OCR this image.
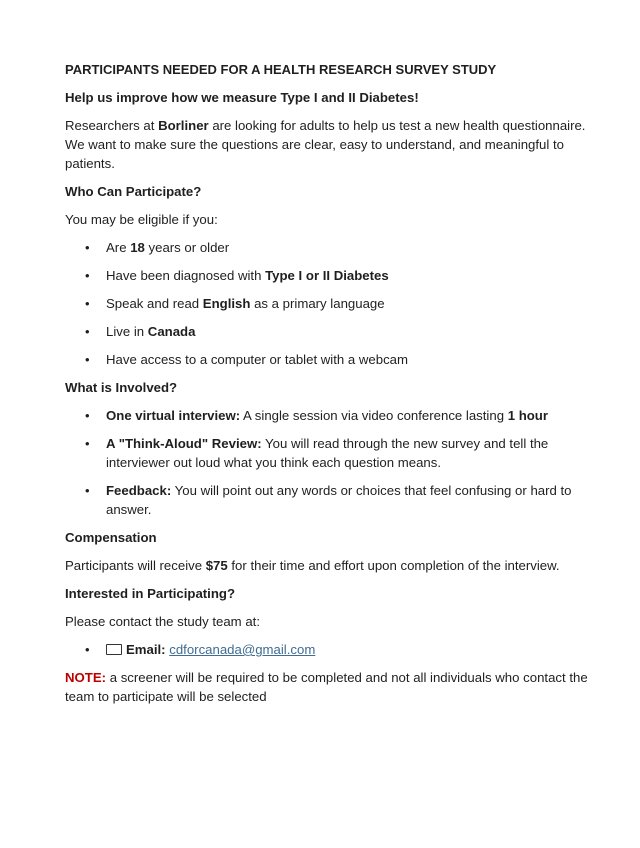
PARTICIPANTS NEEDED FOR A HEALTH RESEARCH SURVEY STUDY
Help us improve how we measure Type I and II Diabetes!
Researchers at Borliner are looking for adults to help us test a new health questionnaire. We want to make sure the questions are clear, easy to understand, and meaningful to patients.
Who Can Participate?
You may be eligible if you:
• Are 18 years or older
• Have been diagnosed with Type I or II Diabetes
• Speak and read English as a primary language
• Live in Canada
• Have access to a computer or tablet with a webcam
What is Involved?
• One virtual interview: A single session via video conference lasting 1 hour
• A "Think-Aloud" Review: You will read through the new survey and tell the interviewer out loud what you think each question means.
• Feedback: You will point out any words or choices that feel confusing or hard to answer.
Compensation
Participants will receive $75 for their time and effort upon completion of the interview.
Interested in Participating?
Please contact the study team at:
•	Email: cdforcanada@gmail.com
NOTE: a screener will be required to be completed and not all individuals who contact the team to participate will be selected
